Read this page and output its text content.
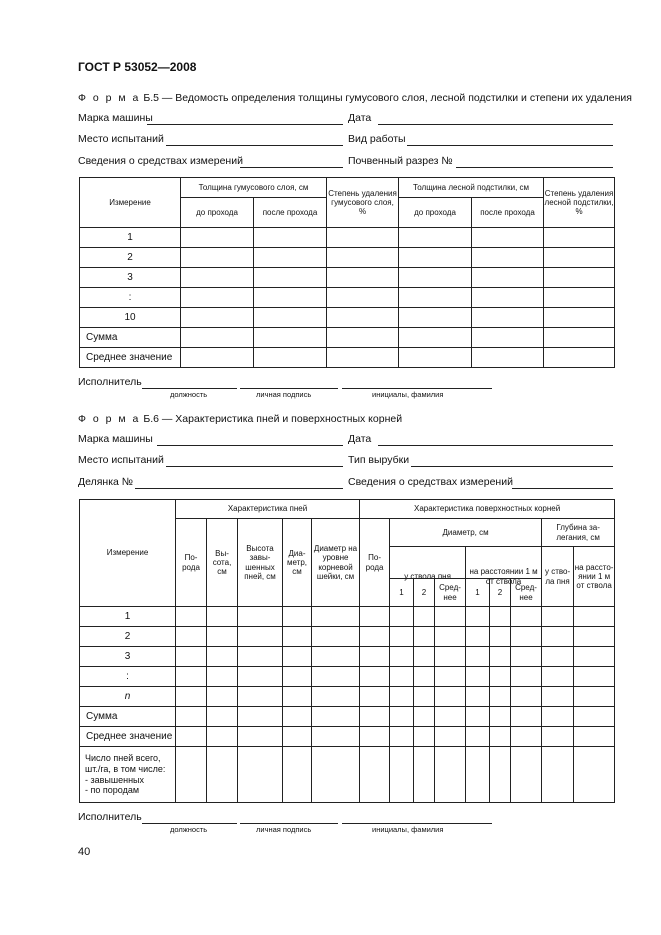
ГОСТ Р 53052—2008
Ф о р м а Б.5 — Ведомость определения толщины гумусового слоя, лесной подстилки и степени их удаления
Марка машины	Дата
Место испытаний	Вид работы
Сведения о средствах измерений	Почвенный разрез №
Измерение	Толщина гумусового слоя, см		Степень удаления гумусового слоя, %	Толщина лесной подстилки, см		Степень удаления лесной подстилки, %
	до прохода	после прохода		до прохода	после прохода	
1						
2						
3						
:						
10						
Сумма						
Среднее значение						
Исполнитель
должность	личная подпись	инициалы, фамилия
Ф о р м а Б.6 — Характеристика пней и поверхностных корней
Марка машины	Дата
Место испытаний	Тип вырубки
Делянка №	Сведения о средствах измерений
Измерение	Характеристика пней					Характеристика поверхностных корней				
	По- рода	Вы- сота, см	Высота завы- шенных пней, см	Диа- метр, см	Диаметр на уровне корневой шейки, см	По- рода	Диаметр, см		Глубина за- легания, см	
							у ствола пня	на расстоянии 1 м от ствола	у ство- ла пня	на рассто- янии 1 м от ствола

							1	2	Сред- нее	1	2	Сред- нее		
1														
2														
3														
:														
n														
Сумма														
Среднее значение														

Число пней всего,
шт./га, в том числе:
- завышенных
- по породам														

Исполнитель
должность	личная подпись	инициалы, фамилия
40
